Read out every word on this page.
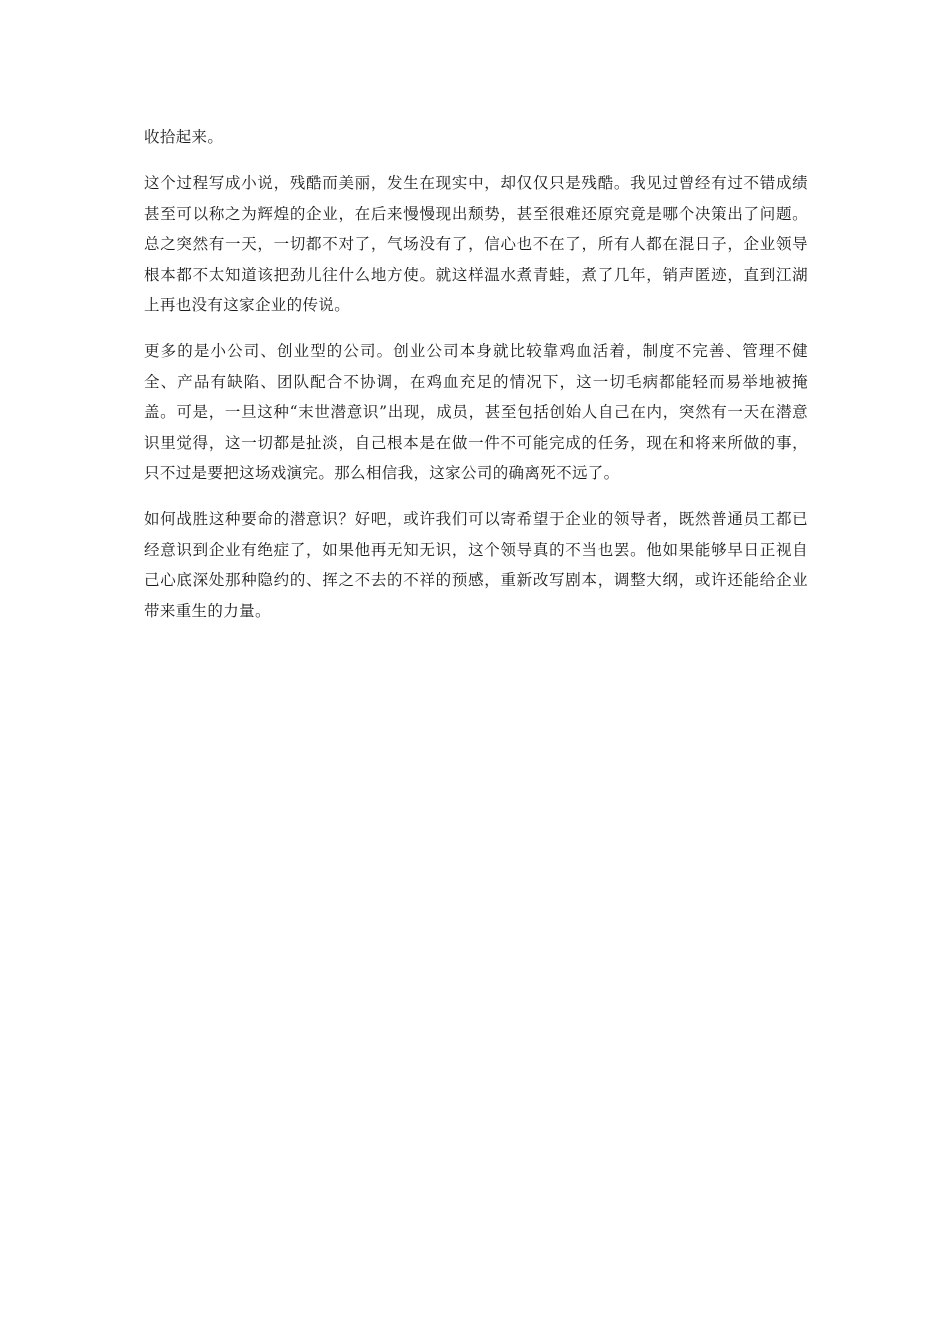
收拾起来。

这个过程写成小说，残酷而美丽，发生在现实中，却仅仅只是残酷。我见过曾经有过不错成绩甚至可以称之为辉煌的企业，在后来慢慢现出颓势，甚至很难还原究竟是哪个决策出了问题。总之突然有一天，一切都不对了，气场没有了，信心也不在了，所有人都在混日子，企业领导根本都不太知道该把劲儿往什么地方使。就这样温水煮青蛙，煮了几年，销声匿迹，直到江湖上再也没有这家企业的传说。

更多的是小公司、创业型的公司。创业公司本身就比较靠鸡血活着，制度不完善、管理不健全、产品有缺陷、团队配合不协调，在鸡血充足的情况下，这一切毛病都能轻而易举地被掩盖。可是，一旦这种“末世潜意识”出现，成员，甚至包括创始人自己在内，突然有一天在潜意识里觉得，这一切都是扯淡，自己根本是在做一件不可能完成的任务，现在和将来所做的事，只不过是要把这场戏演完。那么相信我，这家公司的确离死不远了。

如何战胜这种要命的潜意识？好吧，或许我们可以寄希望于企业的领导者，既然普通员工都已经意识到企业有绝症了，如果他再无知无识，这个领导真的不当也罢。他如果能够早日正视自己心底深处那种隐约的、挥之不去的不祥的预感，重新改写剧本，调整大纲，或许还能给企业带来重生的力量。
